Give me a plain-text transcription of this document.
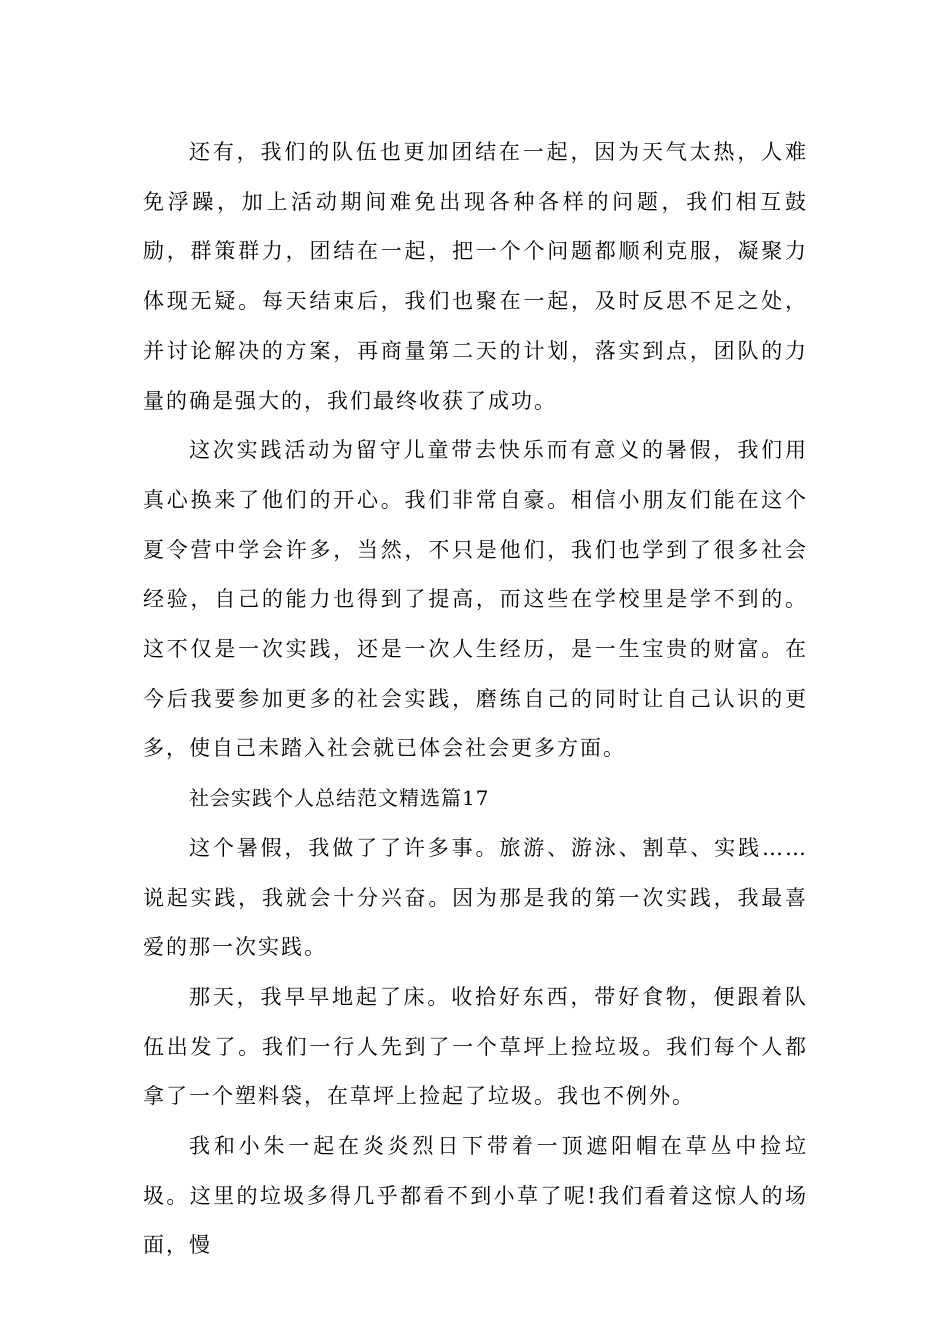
还有，我们的队伍也更加团结在一起，因为天气太热，人难免浮躁，加上活动期间难免出现各种各样的问题，我们相互鼓励，群策群力，团结在一起，把一个个问题都顺利克服，凝聚力体现无疑。每天结束后，我们也聚在一起，及时反思不足之处，并讨论解决的方案，再商量第二天的计划，落实到点，团队的力量的确是强大的，我们最终收获了成功。

这次实践活动为留守儿童带去快乐而有意义的暑假，我们用真心换来了他们的开心。我们非常自豪。相信小朋友们能在这个夏令营中学会许多，当然，不只是他们，我们也学到了很多社会经验，自己的能力也得到了提高，而这些在学校里是学不到的。这不仅是一次实践，还是一次人生经历，是一生宝贵的财富。在今后我要参加更多的社会实践，磨练自己的同时让自己认识的更多，使自己未踏入社会就已体会社会更多方面。

社会实践个人总结范文精选篇17

这个暑假，我做了了许多事。旅游、游泳、割草、实践……说起实践，我就会十分兴奋。因为那是我的第一次实践，我最喜爱的那一次实践。

那天，我早早地起了床。收拾好东西，带好食物，便跟着队伍出发了。我们一行人先到了一个草坪上捡垃圾。我们每个人都拿了一个塑料袋，在草坪上捡起了垃圾。我也不例外。

我和小朱一起在炎炎烈日下带着一顶遮阳帽在草丛中捡垃圾。这里的垃圾多得几乎都看不到小草了呢!我们看着这惊人的场面，慢
